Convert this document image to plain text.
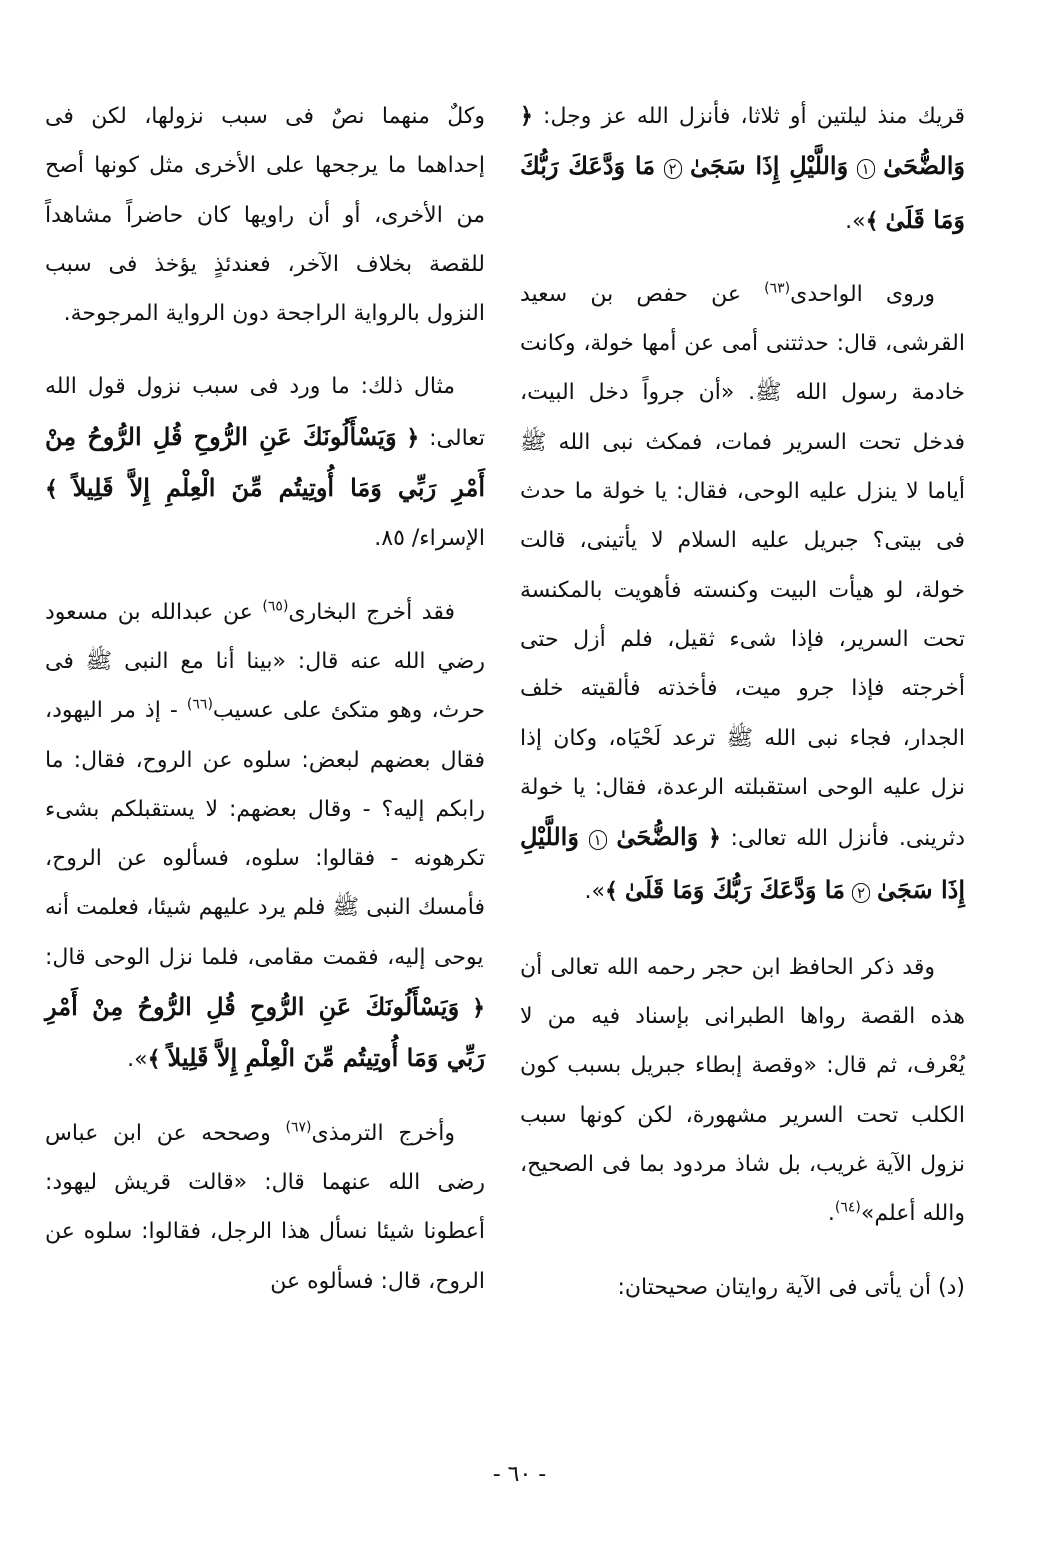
قريك منذ ليلتين أو ثلاثا، فأنزل الله عز وجل: ﴿ وَالضُّحَىٰ ١ وَاللَّيْلِ إِذَا سَجَىٰ ٢ مَا وَدَّعَكَ رَبُّكَ وَمَا قَلَىٰ ﴾».

وروى الواحدى$^{(٦٣)}$ عن حفص بن سعيد القرشى، قال: حدثتنى أمى عن أمها خولة، وكانت خادمة رسول الله ﷺ. «أن جرواً دخل البيت، فدخل تحت السرير فمات، فمكث نبى الله ﷺ أياما لا ينزل عليه الوحى، فقال: يا خولة ما حدث فى بيتى؟ جبريل عليه السلام لا يأتينى، قالت خولة، لو هيأت البيت وكنسته فأهويت بالمكنسة تحت السرير، فإذا شىء ثقيل، فلم أزل حتى أخرجته فإذا جرو ميت، فأخذته فألقيته خلف الجدار، فجاء نبى الله ﷺ ترعد لَحْيَاه، وكان إذا نزل عليه الوحى استقبلته الرعدة، فقال: يا خولة دثرينى. فأنزل الله تعالى: ﴿ وَالضُّحَىٰ ١ وَاللَّيْلِ إِذَا سَجَىٰ ٢ مَا وَدَّعَكَ رَبُّكَ وَمَا قَلَىٰ ﴾».

وقد ذكر الحافظ ابن حجر رحمه الله تعالى أن هذه القصة رواها الطبرانى بإسناد فيه من لا يُعْرف، ثم قال: «وقصة إبطاء جبريل بسبب كون الكلب تحت السرير مشهورة، لكن كونها سبب نزول الآية غريب، بل شاذ مردود بما فى الصحيح، والله أعلم»$^{(٦٤)}$.

(د) أن يأتى فى الآية روايتان صحيحتان:

وكلٌ منهما نصٌ فى سبب نزولها، لكن فى إحداهما ما يرجحها على الأخرى مثل كونها أصح من الأخرى، أو أن راويها كان حاضراً مشاهداً للقصة بخلاف الآخر، فعندئذٍ يؤخذ فى سبب النزول بالرواية الراجحة دون الرواية المرجوحة.

مثال ذلك: ما ورد فى سبب نزول قول الله تعالى: ﴿ وَيَسْأَلُونَكَ عَنِ الرُّوحِ قُلِ الرُّوحُ مِنْ أَمْرِ رَبِّي وَمَا أُوتِيتُم مِّنَ الْعِلْمِ إِلاَّ قَلِيلاً ﴾ الإسراء/ ٨٥.

فقد أخرج البخارى$^{(٦٥)}$ عن عبدالله بن مسعود رضي الله عنه قال: «بينا أنا مع النبى ﷺ فى حرث، وهو متكئ على عسيب$^{(٦٦)}$ - إذ مر اليهود، فقال بعضهم لبعض: سلوه عن الروح، فقال: ما رابكم إليه؟ - وقال بعضهم: لا يستقبلكم بشىء تكرهونه - فقالوا: سلوه، فسألوه عن الروح، فأمسك النبى ﷺ فلم يرد عليهم شيئا، فعلمت أنه يوحى إليه، فقمت مقامى، فلما نزل الوحى قال: ﴿ وَيَسْأَلُونَكَ عَنِ الرُّوحِ قُلِ الرُّوحُ مِنْ أَمْرِ رَبِّي وَمَا أُوتِيتُم مِّنَ الْعِلْمِ إِلاَّ قَلِيلاً ﴾».

وأخرج الترمذى$^{(٦٧)}$ وصححه عن ابن عباس رضى الله عنهما قال: «قالت قريش ليهود: أعطونا شيئا نسأل هذا الرجل، فقالوا: سلوه عن الروح، قال: فسألوه عن

- ٦٠ -
